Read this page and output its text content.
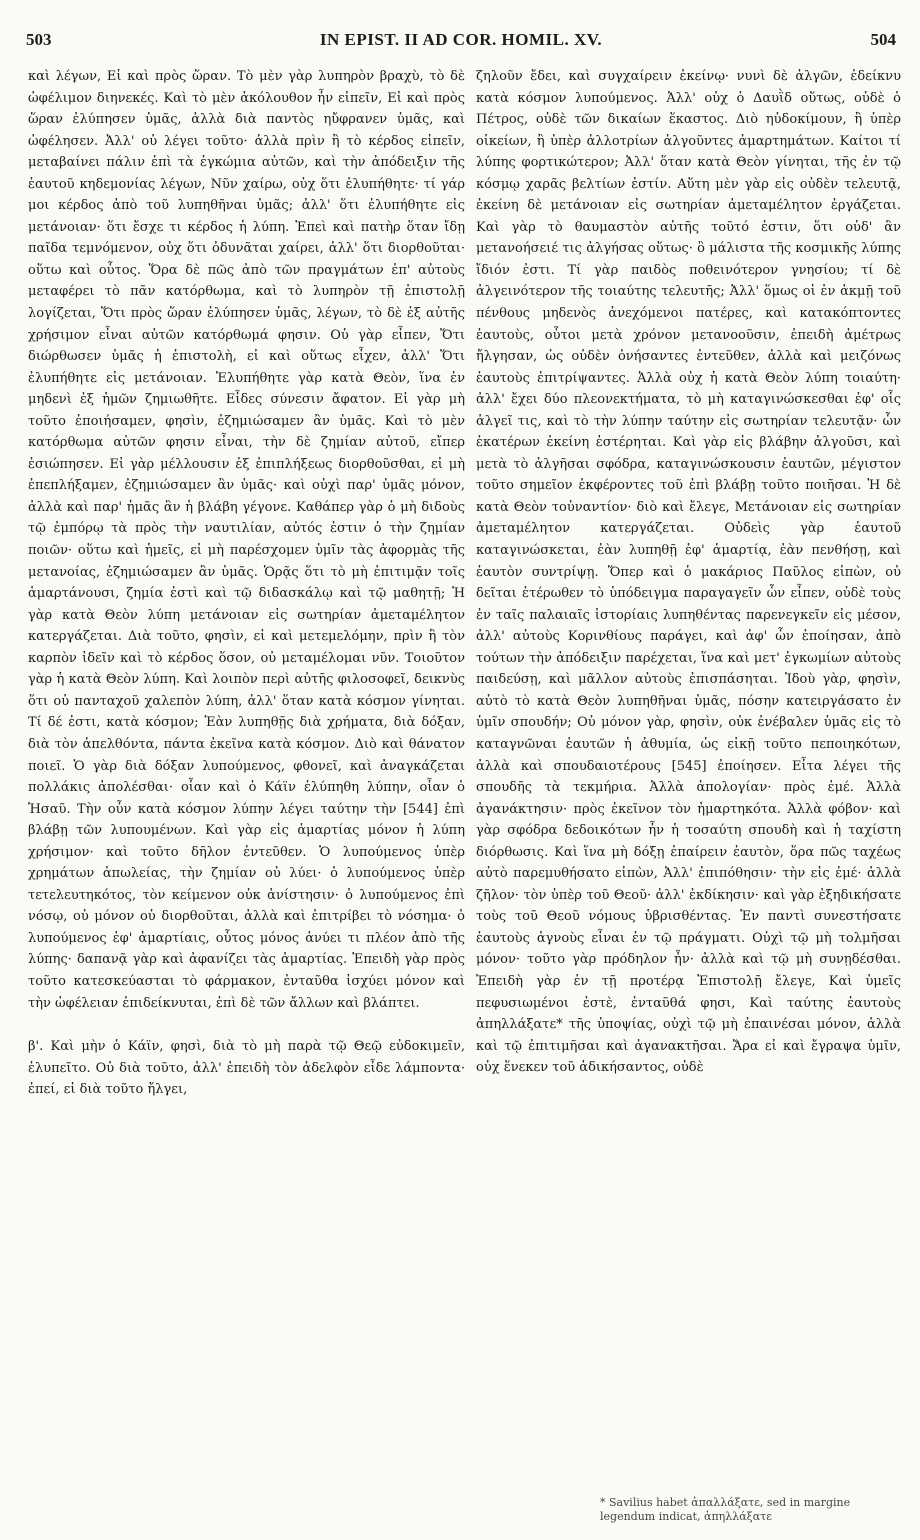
503	IN EPIST. II AD COR. HOMIL. XV.	504

καὶ λέγων, Εἰ καὶ πρὸς ὥραν. Τὸ μὲν γὰρ λυπηρὸν βραχὺ, τὸ δὲ ὠφέλιμον διηνεκές. Καὶ τὸ μὲν ἀκόλουθον ἦν εἰπεῖν, Εἰ καὶ πρὸς ὥραν ἐλύπησεν ὑμᾶς, ἀλλὰ διὰ παντὸς ηὔφρανεν ὑμᾶς, καὶ ὠφέλησεν. Ἀλλ' οὐ λέγει τοῦτο· ἀλλὰ πρὶν ἢ τὸ κέρδος εἰπεῖν, μεταβαίνει πάλιν ἐπὶ τὰ ἐγκώμια αὐτῶν, καὶ τὴν ἀπόδειξιν τῆς ἑαυτοῦ κηδεμονίας λέγων, Νῦν χαίρω, οὐχ ὅτι ἐλυπήθητε· τί γάρ μοι κέρδος ἀπὸ τοῦ λυπηθῆναι ὑμᾶς; ἀλλ' ὅτι ἐλυπήθητε εἰς μετάνοιαν· ὅτι ἔσχε τι κέρδος ἡ λύπη. Ἐπεὶ καὶ πατὴρ ὅταν ἴδῃ παῖδα τεμνόμενον, οὐχ ὅτι ὀδυνᾶται χαίρει, ἀλλ' ὅτι διορθοῦται· οὕτω καὶ οὗτος. Ὅρα δὲ πῶς ἀπὸ τῶν πραγμάτων ἐπ' αὐτοὺς μεταφέρει τὸ πᾶν κατόρθωμα, καὶ τὸ λυπηρὸν τῇ ἐπιστολῇ λογίζεται, Ὅτι πρὸς ὥραν ἐλύπησεν ὑμᾶς, λέγων, τὸ δὲ ἐξ αὐτῆς χρήσιμον εἶναι αὐτῶν κατόρθωμά φησιν. Οὐ γὰρ εἶπεν, Ὅτι διώρθωσεν ὑμᾶς ἡ ἐπιστολὴ, εἰ καὶ οὕτως εἶχεν, ἀλλ' Ὅτι ἐλυπήθητε εἰς μετάνοιαν. Ἐλυπήθητε γὰρ κατὰ Θεὸν, ἵνα ἐν μηδενὶ ἐξ ἡμῶν ζημιωθῆτε. Εἶδες σύνεσιν ἄφατον. Εἰ γὰρ μὴ τοῦτο ἐποιήσαμεν, φησὶν, ἐζημιώσαμεν ἂν ὑμᾶς. Καὶ τὸ μὲν κατόρθωμα αὐτῶν φησιν εἶναι, τὴν δὲ ζημίαν αὐτοῦ, εἴπερ ἐσιώπησεν. Εἰ γὰρ μέλλουσιν ἐξ ἐπιπλήξεως διορθοῦσθαι, εἰ μὴ ἐπεπλήξαμεν, ἐζημιώσαμεν ἂν ὑμᾶς· καὶ οὐχὶ παρ' ὑμᾶς μόνον, ἀλλὰ καὶ παρ' ἡμᾶς ἂν ἡ βλάβη γέγονε. Καθάπερ γὰρ ὁ μὴ διδοὺς τῷ ἐμπόρῳ τὰ πρὸς τὴν ναυτιλίαν, αὐτός ἐστιν ὁ τὴν ζημίαν ποιῶν· οὕτω καὶ ἡμεῖς, εἰ μὴ παρέσχομεν ὑμῖν τὰς ἀφορμὰς τῆς μετανοίας, ἐζημιώσαμεν ἂν ὑμᾶς. Ὁρᾷς ὅτι τὸ μὴ ἐπιτιμᾷν τοῖς ἁμαρτάνουσι, ζημία ἐστὶ καὶ τῷ διδασκάλῳ καὶ τῷ μαθητῇ; Ἡ γὰρ κατὰ Θεὸν λύπη μετάνοιαν εἰς σωτηρίαν ἀμεταμέλητον κατεργάζεται. Διὰ τοῦτο, φησὶν, εἰ καὶ μετεμελόμην, πρὶν ἢ τὸν καρπὸν ἰδεῖν καὶ τὸ κέρδος ὅσον, οὐ μεταμέλομαι νῦν. Τοιοῦτον γὰρ ἡ κατὰ Θεὸν λύπη. Καὶ λοιπὸν περὶ αὐτῆς φιλοσοφεῖ, δεικνὺς ὅτι οὐ πανταχοῦ χαλεπὸν λύπη, ἀλλ' ὅταν κατὰ κόσμον γίνηται. Τί δέ ἐστι, κατὰ κόσμον; Ἐὰν λυπηθῇς διὰ χρήματα, διὰ δόξαν, διὰ τὸν ἀπελθόντα, πάντα ἐκεῖνα κατὰ κόσμον. Διὸ καὶ θάνατον ποιεῖ. Ὁ γὰρ διὰ δόξαν λυπούμενος, φθονεῖ, καὶ ἀναγκάζεται πολλάκις ἀπολέσθαι· οἷαν καὶ ὁ Κάϊν ἐλύπηθη λύπην, οἷαν ὁ Ἡσαῦ. Τὴν οὖν κατὰ κόσμον λύπην λέγει ταύτην τὴν [544] ἐπὶ βλάβῃ τῶν λυπουμένων. Καὶ γὰρ εἰς ἁμαρτίας μόνον ἡ λύπη χρήσιμον· καὶ τοῦτο δῆλον ἐντεῦθεν. Ὁ λυπούμενος ὑπὲρ χρημάτων ἀπωλείας, τὴν ζημίαν οὐ λύει· ὁ λυπούμενος ὑπὲρ τετελευτηκότος, τὸν κείμενον οὐκ ἀνίστησιν· ὁ λυπούμενος ἐπὶ νόσῳ, οὐ μόνον οὐ διορθοῦται, ἀλλὰ καὶ ἐπιτρίβει τὸ νόσημα· ὁ λυπούμενος ἐφ' ἁμαρτίαις, οὗτος μόνος ἀνύει τι πλέον ἀπὸ τῆς λύπης· δαπανᾷ γὰρ καὶ ἀφανίζει τὰς ἁμαρτίας. Ἐπειδὴ γὰρ πρὸς τοῦτο κατεσκεύασται τὸ φάρμακον, ἐνταῦθα ἰσχύει μόνον καὶ τὴν ὠφέλειαν ἐπιδείκνυται, ἐπὶ δὲ τῶν ἄλλων καὶ βλάπτει.

β'. Καὶ μὴν ὁ Κάϊν, φησὶ, διὰ τὸ μὴ παρὰ τῷ Θεῷ εὐδοκιμεῖν, ἐλυπεῖτο. Οὐ διὰ τοῦτο, ἀλλ' ἐπειδὴ τὸν ἀδελφὸν εἶδε λάμποντα· ἐπεί, εἰ διὰ τοῦτο ἤλγει,

ζηλοῦν ἔδει, καὶ συγχαίρειν ἐκείνῳ· νυνὶ δὲ ἀλγῶν, ἐδείκνυ κατὰ κόσμον λυπούμενος. Ἀλλ' οὐχ ὁ Δαυῒδ οὕτως, οὐδὲ ὁ Πέτρος, οὐδὲ τῶν δικαίων ἕκαστος. Διὸ ηὐδοκίμουν, ἢ ὑπὲρ οἰκείων, ἢ ὑπὲρ ἀλλοτρίων ἀλγοῦντες ἁμαρτημάτων. Καίτοι τί λύπης φορτικώτερον; Ἀλλ' ὅταν κατὰ Θεὸν γίνηται, τῆς ἐν τῷ κόσμῳ χαρᾶς βελτίων ἐστίν. Αὕτη μὲν γὰρ εἰς οὐδὲν τελευτᾷ, ἐκείνη δὲ μετάνοιαν εἰς σωτηρίαν ἀμεταμέλητον ἐργάζεται. Καὶ γὰρ τὸ θαυμαστὸν αὐτῆς τοῦτό ἐστιν, ὅτι οὐδ' ἂν μετανοήσειέ τις ἀλγήσας οὕτως· ὃ μάλιστα τῆς κοσμικῆς λύπης ἴδιόν ἐστι. Τί γὰρ παιδὸς ποθεινότερον γνησίου; τί δὲ ἀλγεινότερον τῆς τοιαύτης τελευτῆς; Ἀλλ' ὅμως οἱ ἐν ἀκμῇ τοῦ πένθους μηδενὸς ἀνεχόμενοι πατέρες, καὶ κατακόπτοντες ἑαυτοὺς, οὗτοι μετὰ χρόνον μετανοοῦσιν, ἐπειδὴ ἀμέτρως ἤλγησαν, ὡς οὐδὲν ὀνήσαντες ἐντεῦθεν, ἀλλὰ καὶ μειζόνως ἑαυτοὺς ἐπιτρίψαντες. Ἀλλὰ οὐχ ἡ κατὰ Θεὸν λύπη τοιαύτη· ἀλλ' ἔχει δύο πλεονεκτήματα, τὸ μὴ καταγινώσκεσθαι ἐφ' οἷς ἀλγεῖ τις, καὶ τὸ τὴν λύπην ταύτην εἰς σωτηρίαν τελευτᾷν· ὧν ἑκατέρων ἐκείνη ἐστέρηται. Καὶ γὰρ εἰς βλάβην ἀλγοῦσι, καὶ μετὰ τὸ ἀλγῆσαι σφόδρα, καταγινώσκουσιν ἑαυτῶν, μέγιστον τοῦτο σημεῖον ἐκφέροντες τοῦ ἐπὶ βλάβῃ τοῦτο ποιῆσαι. Ἡ δὲ κατὰ Θεὸν τοὐναντίον· διὸ καὶ ἔλεγε, Μετάνοιαν εἰς σωτηρίαν ἀμεταμέλητον κατεργάζεται. Οὐδεὶς γὰρ ἑαυτοῦ καταγινώσκεται, ἐὰν λυπηθῇ ἐφ' ἁμαρτίᾳ, ἐὰν πενθήσῃ, καὶ ἑαυτὸν συντρίψῃ. Ὅπερ καὶ ὁ μακάριος Παῦλος εἰπὼν, οὐ δεῖται ἑτέρωθεν τὸ ὑπόδειγμα παραγαγεῖν ὧν εἶπεν, οὐδὲ τοὺς ἐν ταῖς παλαιαῖς ἱστορίαις λυπηθέντας παρενεγκεῖν εἰς μέσον, ἀλλ' αὐτοὺς Κορινθίους παράγει, καὶ ἀφ' ὧν ἐποίησαν, ἀπὸ τούτων τὴν ἀπόδειξιν παρέχεται, ἵνα καὶ μετ' ἐγκωμίων αὐτοὺς παιδεύσῃ, καὶ μᾶλλον αὐτοὺς ἐπισπάσηται. Ἰδοὺ γὰρ, φησὶν, αὐτὸ τὸ κατὰ Θεὸν λυπηθῆναι ὑμᾶς, πόσην κατειργάσατο ἐν ὑμῖν σπουδήν; Οὐ μόνον γὰρ, φησὶν, οὐκ ἐνέβαλεν ὑμᾶς εἰς τὸ καταγνῶναι ἑαυτῶν ἡ ἀθυμία, ὡς εἰκῇ τοῦτο πεποιηκότων, ἀλλὰ καὶ σπουδαιοτέρους [545] ἐποίησεν. Εἶτα λέγει τῆς σπουδῆς τὰ τεκμήρια. Ἀλλὰ ἀπολογίαν· πρὸς ἐμέ. Ἀλλὰ ἀγανάκτησιν· πρὸς ἐκεῖνον τὸν ἡμαρτηκότα. Ἀλλὰ φόβον· καὶ γὰρ σφόδρα δεδοικότων ἦν ἡ τοσαύτη σπουδὴ καὶ ἡ ταχίστη διόρθωσις. Καὶ ἵνα μὴ δόξῃ ἐπαίρειν ἑαυτὸν, ὅρα πῶς ταχέως αὐτὸ παρεμυθήσατο εἰπὼν, Ἀλλ' ἐπιπόθησιν· τὴν εἰς ἐμέ· ἀλλὰ ζῆλον· τὸν ὑπὲρ τοῦ Θεοῦ· ἀλλ' ἐκδίκησιν· καὶ γὰρ ἐξηδικήσατε τοὺς τοῦ Θεοῦ νόμους ὑβρισθέντας. Ἐν παντὶ συνεστήσατε ἑαυτοὺς ἁγνοὺς εἶναι ἐν τῷ πράγματι. Οὐχὶ τῷ μὴ τολμῆσαι μόνον· τοῦτο γὰρ πρόδηλον ἦν· ἀλλὰ καὶ τῷ μὴ συνῃδέσθαι. Ἐπειδὴ γὰρ ἐν τῇ προτέρᾳ Ἐπιστολῇ ἔλεγε, Καὶ ὑμεῖς πεφυσιωμένοι ἐστὲ, ἐνταῦθά φησι, Καὶ ταύτης ἑαυτοὺς ἀπηλλάξατε* τῆς ὑποψίας, οὐχὶ τῷ μὴ ἐπαινέσαι μόνον, ἀλλὰ καὶ τῷ ἐπιτιμῆσαι καὶ ἀγανακτῆσαι. Ἄρα εἰ καὶ ἔγραψα ὑμῖν, οὐχ ἕνεκεν τοῦ ἀδικήσαντος, οὐδὲ

* Savilius habet ἀπαλλάξατε, sed in margine legendum indicat, ἀπηλλάξατε
